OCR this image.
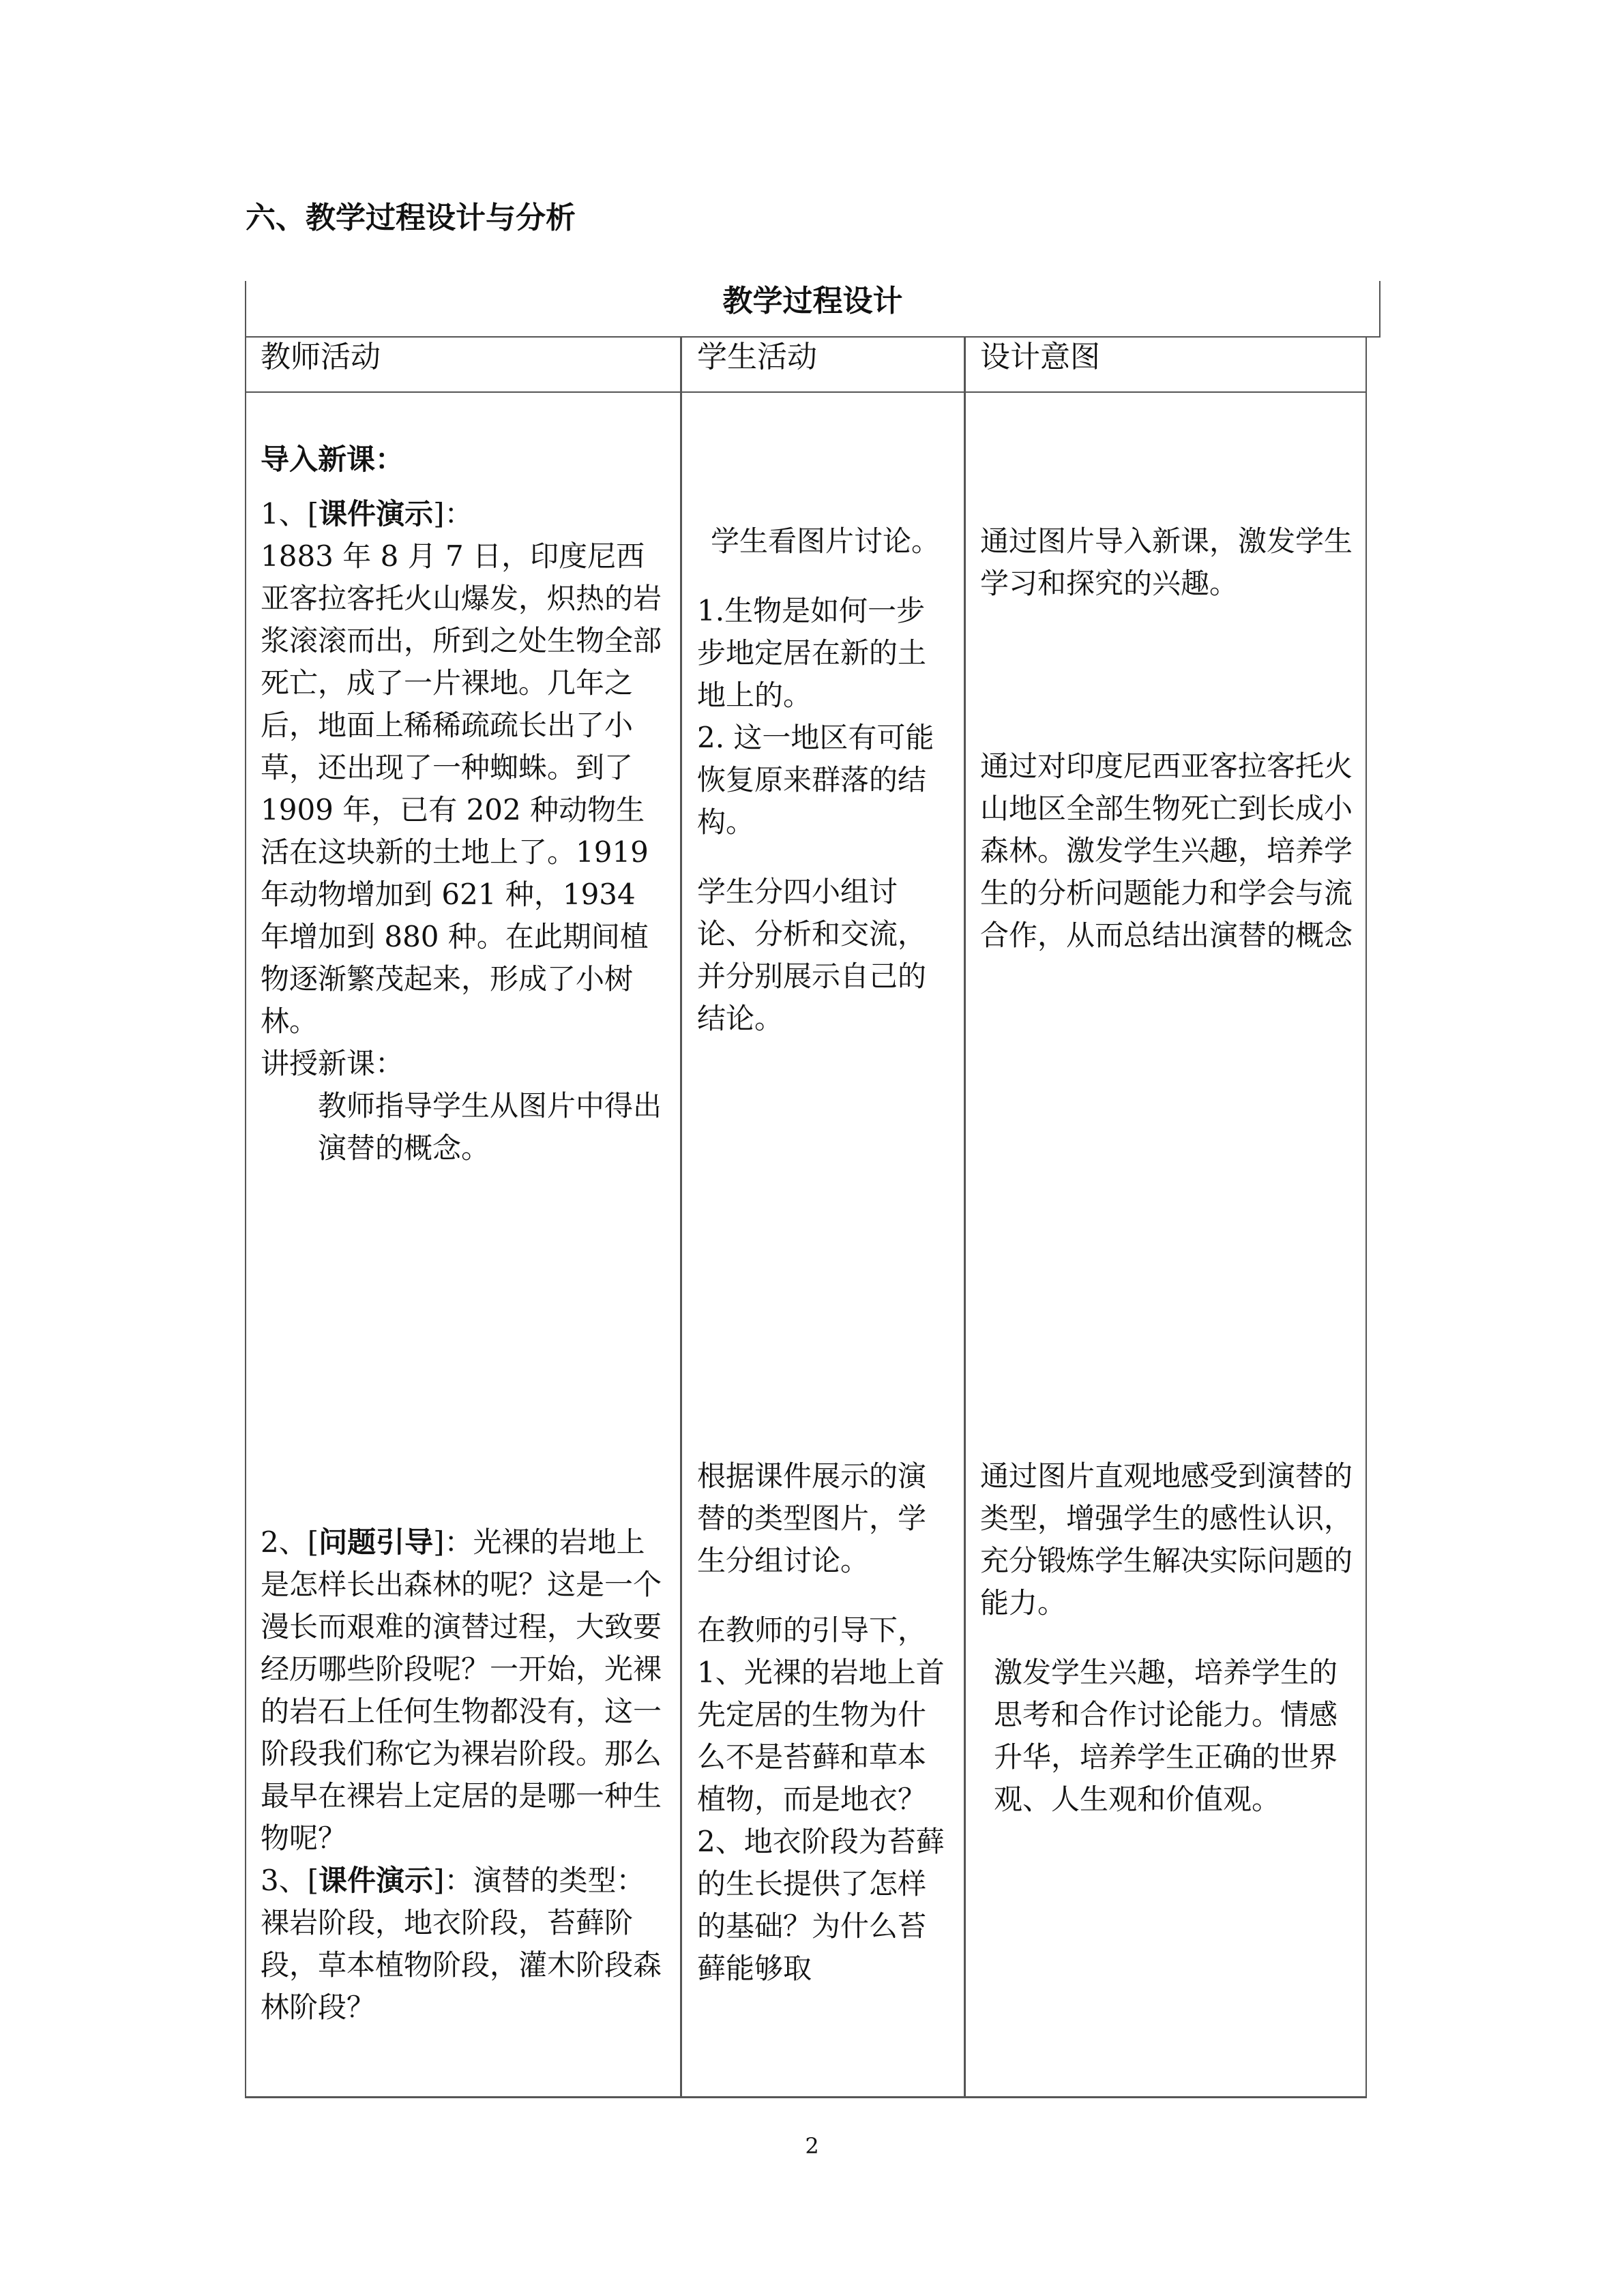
六、教学过程设计与分析
教学过程设计
教师活动	学生活动	设计意图

导入新课：

1、[课件演示]：

1883 年 8 月 7 日，印度尼西亚客拉客托火山爆发，炽热的岩浆滚滚而出，所到之处生物全部死亡，成了一片裸地。几年之后，地面上稀稀疏疏长出了小草，还出现了一种蜘蛛。到了 1909 年，已有 202 种动物生活在这块新的土地上了。1919 年动物增加到 621 种，1934 年增加到 880 种。在此期间植物逐渐繁茂起来，形成了小树林。

讲授新课：

教师指导学生从图片中得出演替的概念。

学生看图片讨论。

1.生物是如何一步步地定居在新的土地上的。

2. 这一地区有可能恢复原来群落的结构。

学生分四小组讨论、分析和交流，并分别展示自己的结论。

通过图片导入新课，激发学生学习和探究的兴趣。

通过对印度尼西亚客拉客托火山地区全部生物死亡到长成小森林。激发学生兴趣，培养学生的分析问题能力和学会与流合作，从而总结出演替的概念

2、[问题引导]：光裸的岩地上是怎样长出森林的呢？这是一个漫长而艰难的演替过程，大致要经历哪些阶段呢？一开始，光裸的岩石上任何生物都没有，这一阶段我们称它为裸岩阶段。那么最早在裸岩上定居的是哪一种生物呢？

3、[课件演示]：演替的类型：裸岩阶段，地衣阶段，苔藓阶段，草本植物阶段，灌木阶段森林阶段？

根据课件展示的演替的类型图片，学生分组讨论。

在教师的引导下，1、光裸的岩地上首先定居的生物为什么不是苔藓和草本植物，而是地衣？2、地衣阶段为苔藓的生长提供了怎样的基础？为什么苔藓能够取

通过图片直观地感受到演替的类型，增强学生的感性认识，充分锻炼学生解决实际问题的能力。

激发学生兴趣，培养学生的思考和合作讨论能力。情感升华，培养学生正确的世界观、人生观和价值观。

2
